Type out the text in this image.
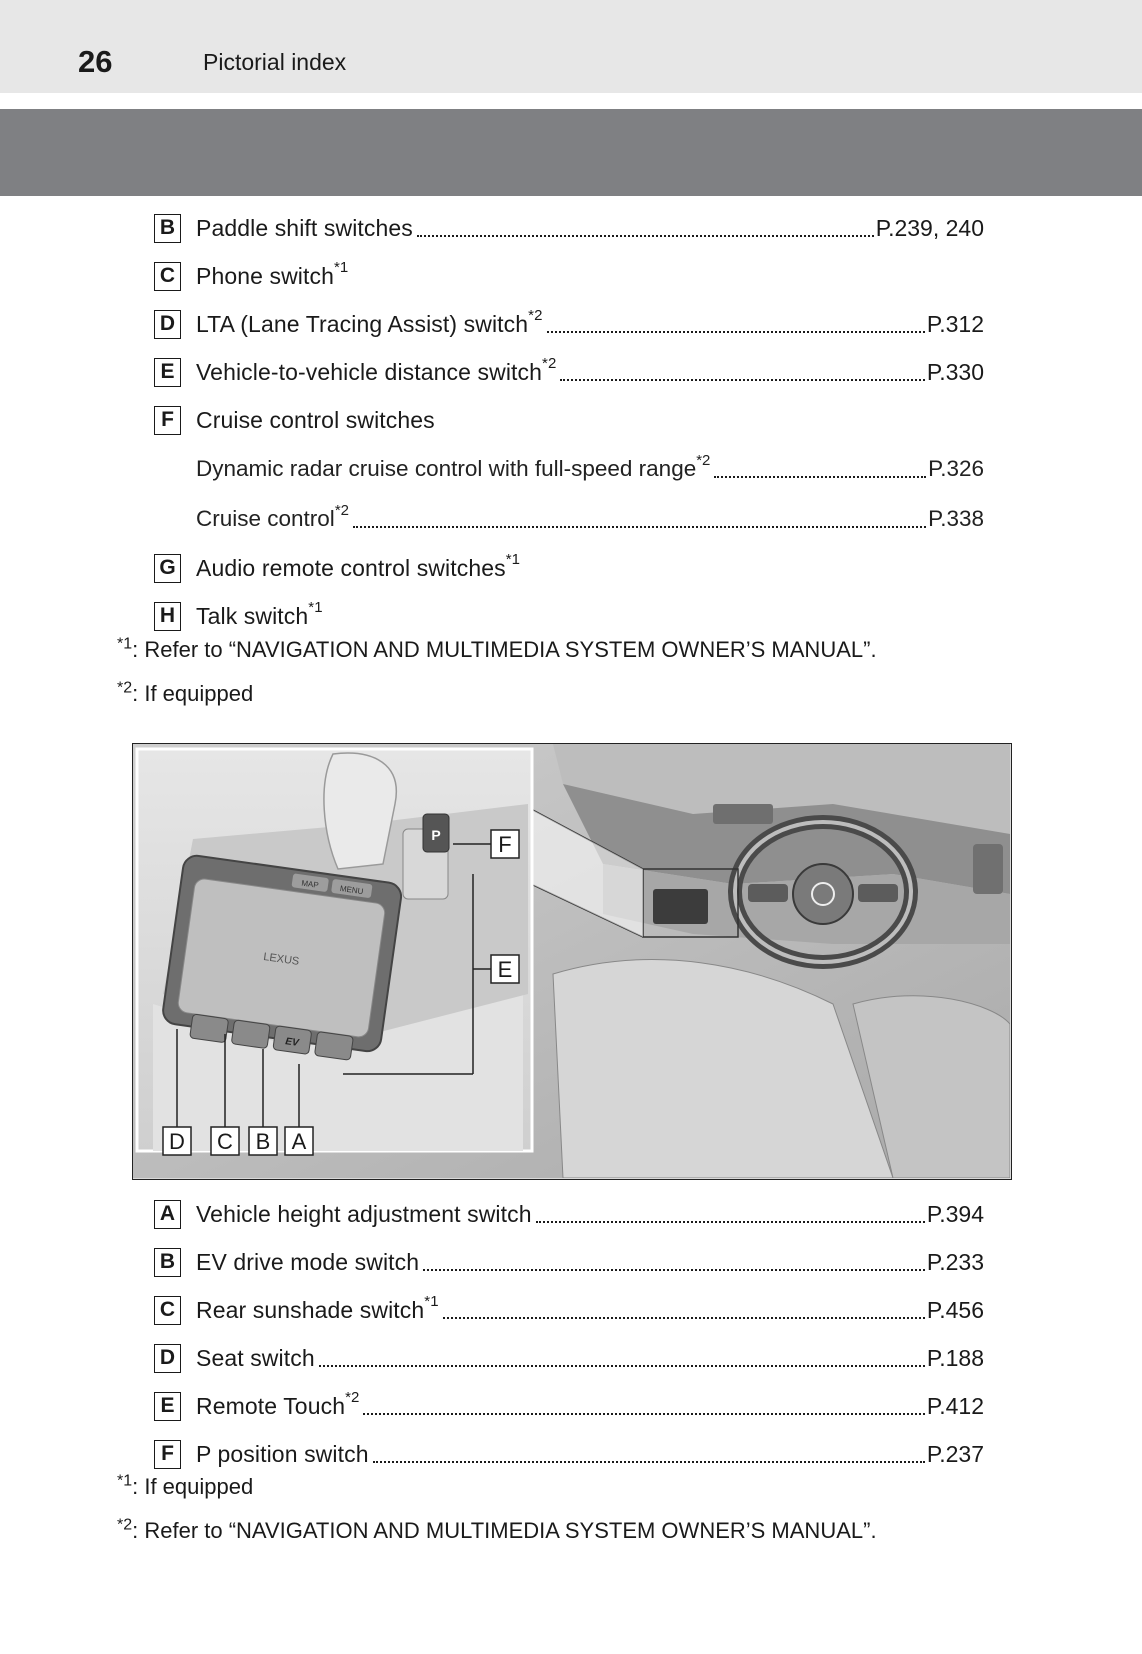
26	Pictorial index
B Paddle shift switches	P.239, 240
C Phone switch$^{*1}$
D LTA (Lane Tracing Assist) switch$^{*2}$	P.312
E Vehicle-to-vehicle distance switch$^{*2}$	P.330
F Cruise control switches
Dynamic radar cruise control with full-speed range$^{*2}$	P.326
Cruise control$^{*2}$	P.338
G Audio remote control switches$^{*1}$
H Talk switch$^{*1}$
$^{*1}$: Refer to “NAVIGATION AND MULTIMEDIA SYSTEM OWNER’S MANUAL”.
$^{*2}$: If equipped
P
LEXUS
MAP	MENU
EV
F
E
D C B A
A Vehicle height adjustment switch	P.394
B EV drive mode switch	P.233
C Rear sunshade switch$^{*1}$	P.456
D Seat switch	P.188
E Remote Touch$^{*2}$	P.412
F P position switch	P.237
$^{*1}$: If equipped
$^{*2}$: Refer to “NAVIGATION AND MULTIMEDIA SYSTEM OWNER’S MANUAL”.
